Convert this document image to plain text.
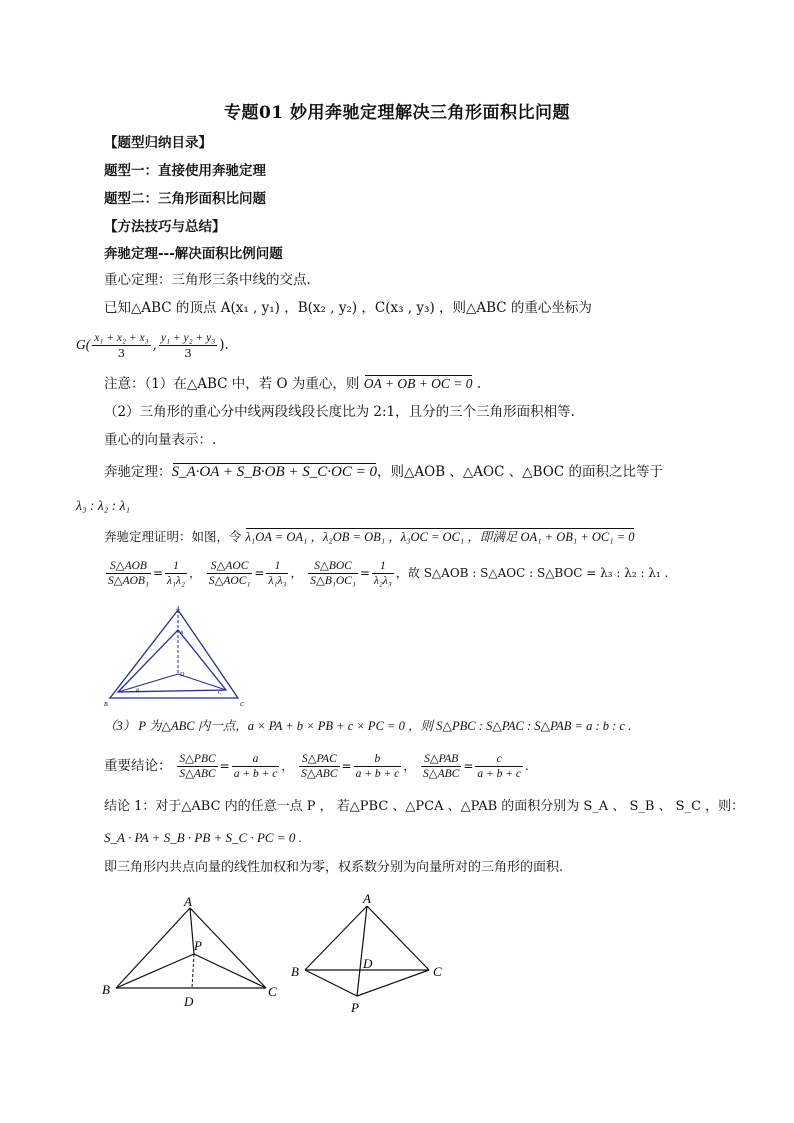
专题01 妙用奔驰定理解决三角形面积比问题
【题型归纳目录】
题型一：直接使用奔驰定理
题型二：三角形面积比问题
【方法技巧与总结】
奔驰定理---解决面积比例问题
重心定理：三角形三条中线的交点.
已知△ABC 的顶点 A(x₁ , y₁) ，B(x₂ , y₂) ，C(x₃ , y₃) ，则△ABC 的重心坐标为
$G( \frac{\text{x₁ + x₂ + x₃}}{3}$ , $\frac{\text{y₁ + y₂ + y₃}}{3}$ ).
注意：（1）在△ABC 中，若 O 为重心，则 OA + OB + OC = 0 .
（2）三角形的重心分中线两段线段长度比为 2:1，且分的三个三角形面积相等．
重心的向量表示：.
奔驰定理：S_A·OA + S_B·OB + S_C·OC = 0，则△AOB 、△AOC 、△BOC 的面积之比等于
λ₃ : λ₂ : λ₁
奔驰定理证明：如图，令 λ₁OA = OA₁ ，λ₂OB = OB₁ ，λ₃OC = OC₁ ，即满足 OA₁ + OB₁ + OC₁ = 0
$\frac{\text{S△AOB}}{\text{S△AOB₁}} = \frac{1}{\text{λ₁λ₂}}$ ， $\frac{\text{S△AOC}}{\text{S△AOC₁}} = \frac{1}{\text{λ₁λ₃}}$ ， $\frac{\text{S△BOC}}{\text{S△B₁OC₁}} = \frac{1}{\text{λ₂λ₃}}$ ，故 S△AOB : S△AOC : S△BOC = λ₃ : λ₂ : λ₁ .
A
B	C
O
A
B	C
（3） P 为△ABC 内一点，a × PA + b × PB + c × PC = 0 ，则 S△PBC : S△PAC : S△PAB = a : b : c .
重要结论： $\frac{\text{S△PBC}}{\text{S△ABC}} = \frac{a}{a + b + c}$ ， $\frac{\text{S△PAC}}{\text{S△ABC}} = \frac{b}{a + b + c}$ ， $\frac{\text{S△PAB}}{\text{S△ABC}} = \frac{c}{a + b + c}$ .
结论 1：对于△ABC 内的任意一点 P ， 若△PBC 、△PCA 、△PAB 的面积分别为 S_A 、 S_B 、 S_C ，则：
S_A · PA + S_B · PB + S_C · PC = 0 .
即三角形内共点向量的线性加权和为零，权系数分别为向量所对的三角形的面积.
A
B	C
P
D
A
B	C
P
D
